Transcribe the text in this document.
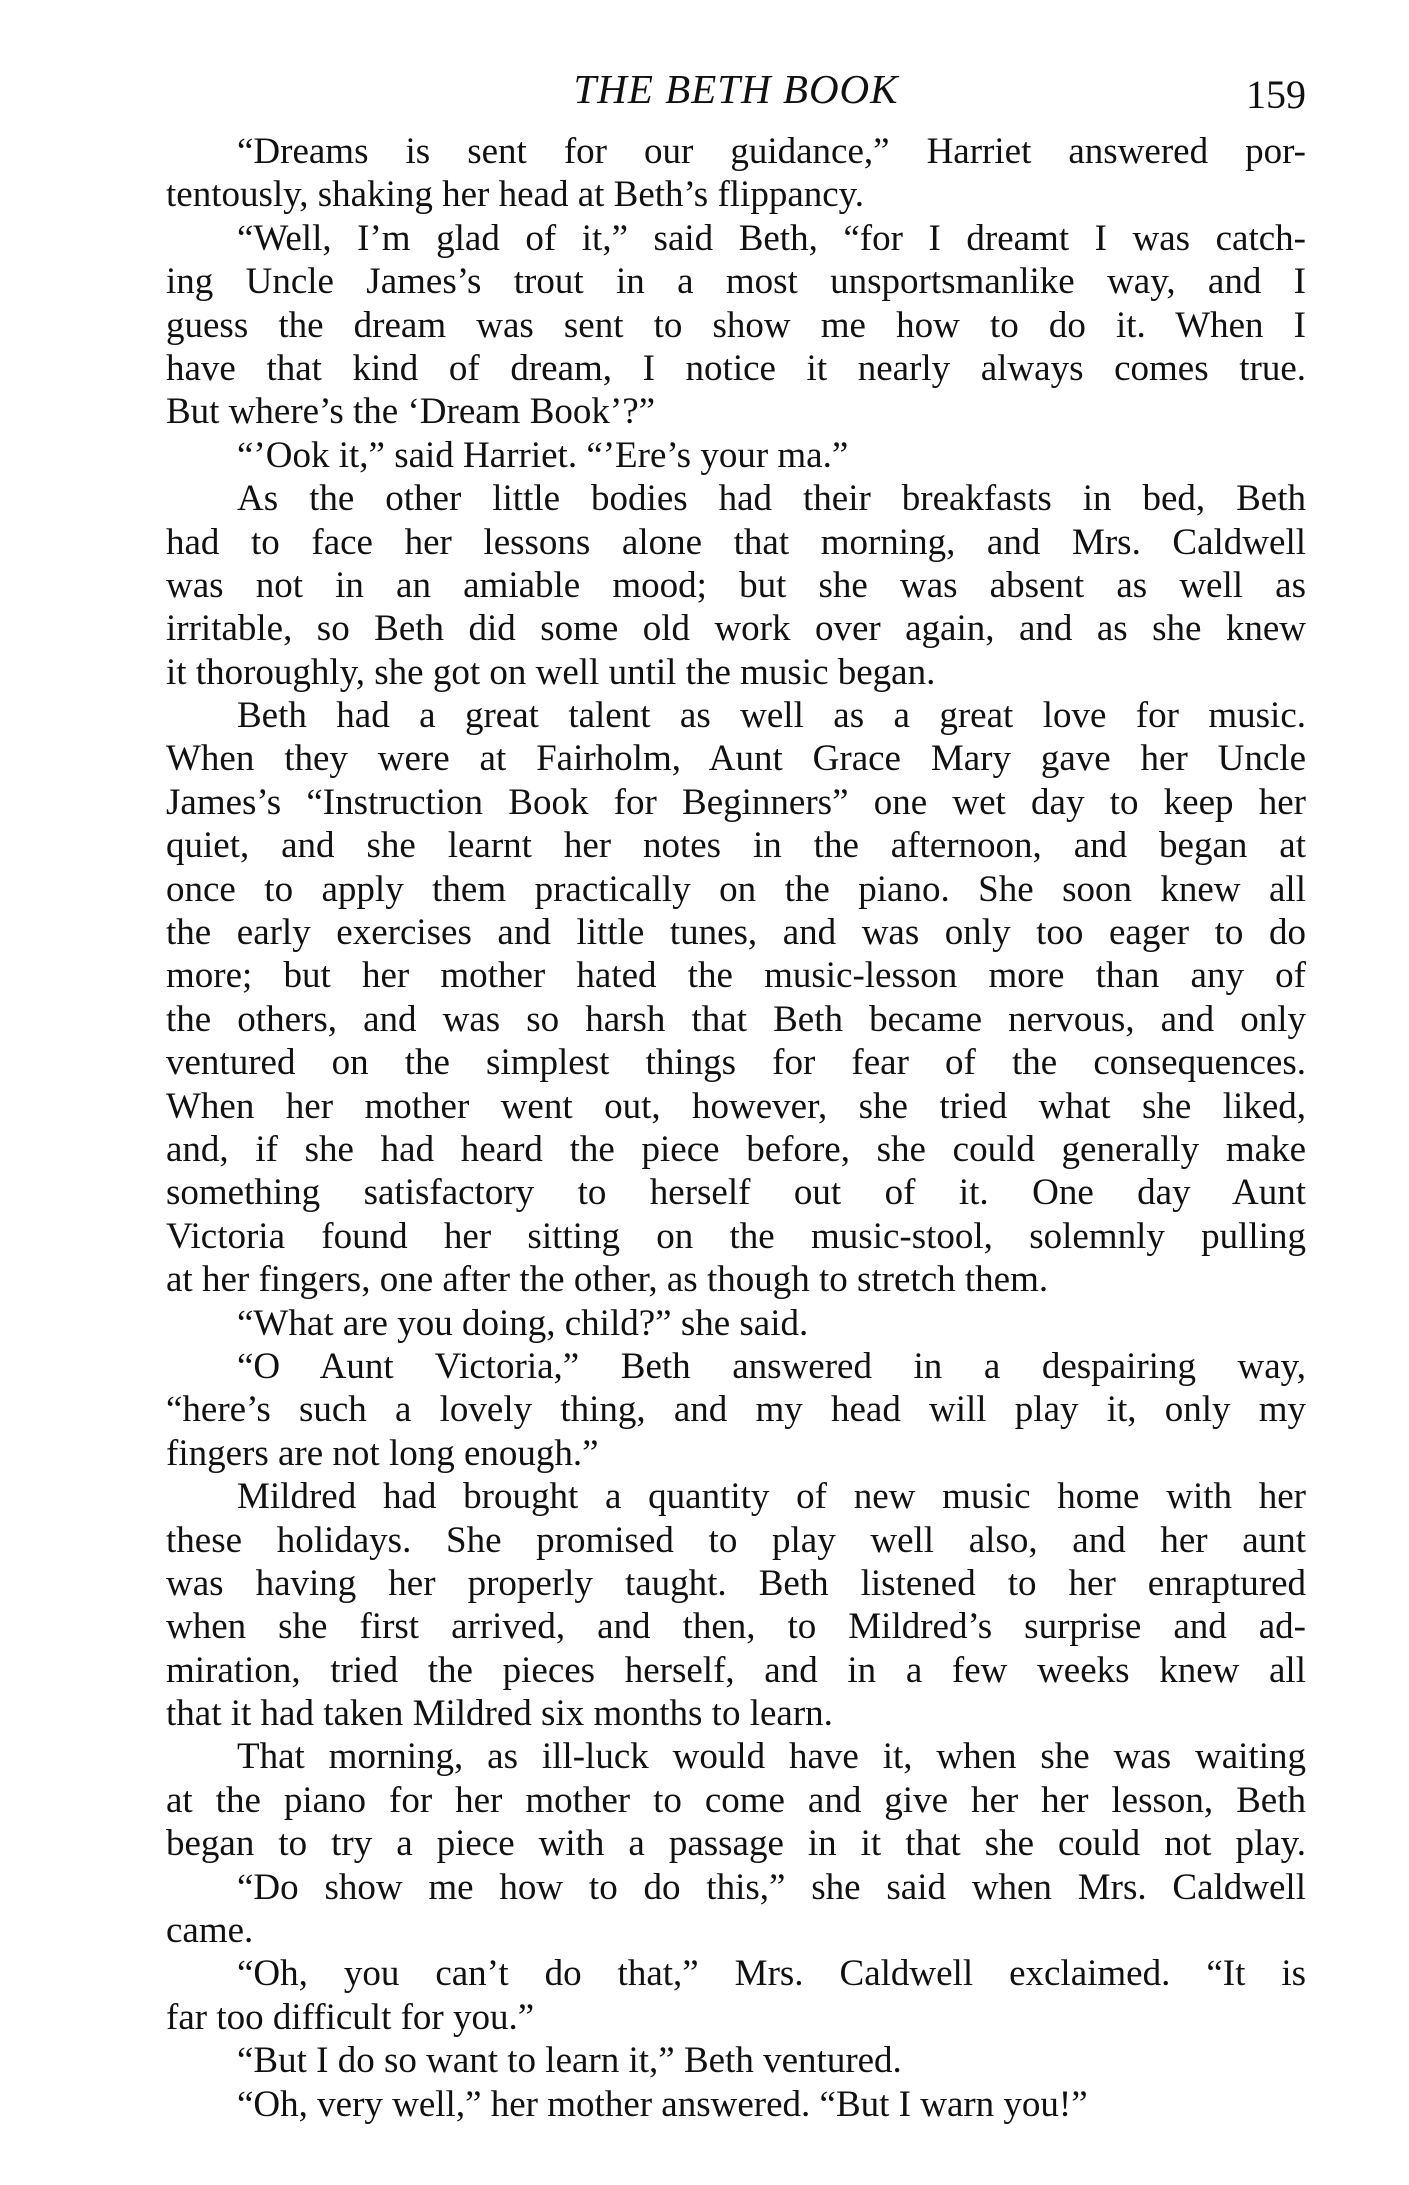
THE BETH BOOK	159
“Dreams is sent for our guidance,” Harriet answered por-
tentously, shaking her head at Beth’s flippancy.
“Well, I’m glad of it,” said Beth, “for I dreamt I was catch-
ing Uncle James’s trout in a most unsportsmanlike way, and I
guess the dream was sent to show me how to do it. When I
have that kind of dream, I notice it nearly always comes true.
But where’s the ‘Dream Book’?”
“’Ook it,” said Harriet. “’Ere’s your ma.”
As the other little bodies had their breakfasts in bed, Beth
had to face her lessons alone that morning, and Mrs. Caldwell
was not in an amiable mood; but she was absent as well as
irritable, so Beth did some old work over again, and as she knew
it thoroughly, she got on well until the music began.
Beth had a great talent as well as a great love for music.
When they were at Fairholm, Aunt Grace Mary gave her Uncle
James’s “Instruction Book for Beginners” one wet day to keep her
quiet, and she learnt her notes in the afternoon, and began at
once to apply them practically on the piano. She soon knew all
the early exercises and little tunes, and was only too eager to do
more; but her mother hated the music-lesson more than any of
the others, and was so harsh that Beth became nervous, and only
ventured on the simplest things for fear of the consequences.
When her mother went out, however, she tried what she liked,
and, if she had heard the piece before, she could generally make
something satisfactory to herself out of it. One day Aunt
Victoria found her sitting on the music-stool, solemnly pulling
at her fingers, one after the other, as though to stretch them.
“What are you doing, child?” she said.
“O Aunt Victoria,” Beth answered in a despairing way,
“here’s such a lovely thing, and my head will play it, only my
fingers are not long enough.”
Mildred had brought a quantity of new music home with her
these holidays. She promised to play well also, and her aunt
was having her properly taught. Beth listened to her enraptured
when she first arrived, and then, to Mildred’s surprise and ad-
miration, tried the pieces herself, and in a few weeks knew all
that it had taken Mildred six months to learn.
That morning, as ill-luck would have it, when she was waiting
at the piano for her mother to come and give her her lesson, Beth
began to try a piece with a passage in it that she could not play.
“Do show me how to do this,” she said when Mrs. Caldwell
came.
“Oh, you can’t do that,” Mrs. Caldwell exclaimed. “It is
far too difficult for you.”
“But I do so want to learn it,” Beth ventured.
“Oh, very well,” her mother answered. “But I warn you!”
